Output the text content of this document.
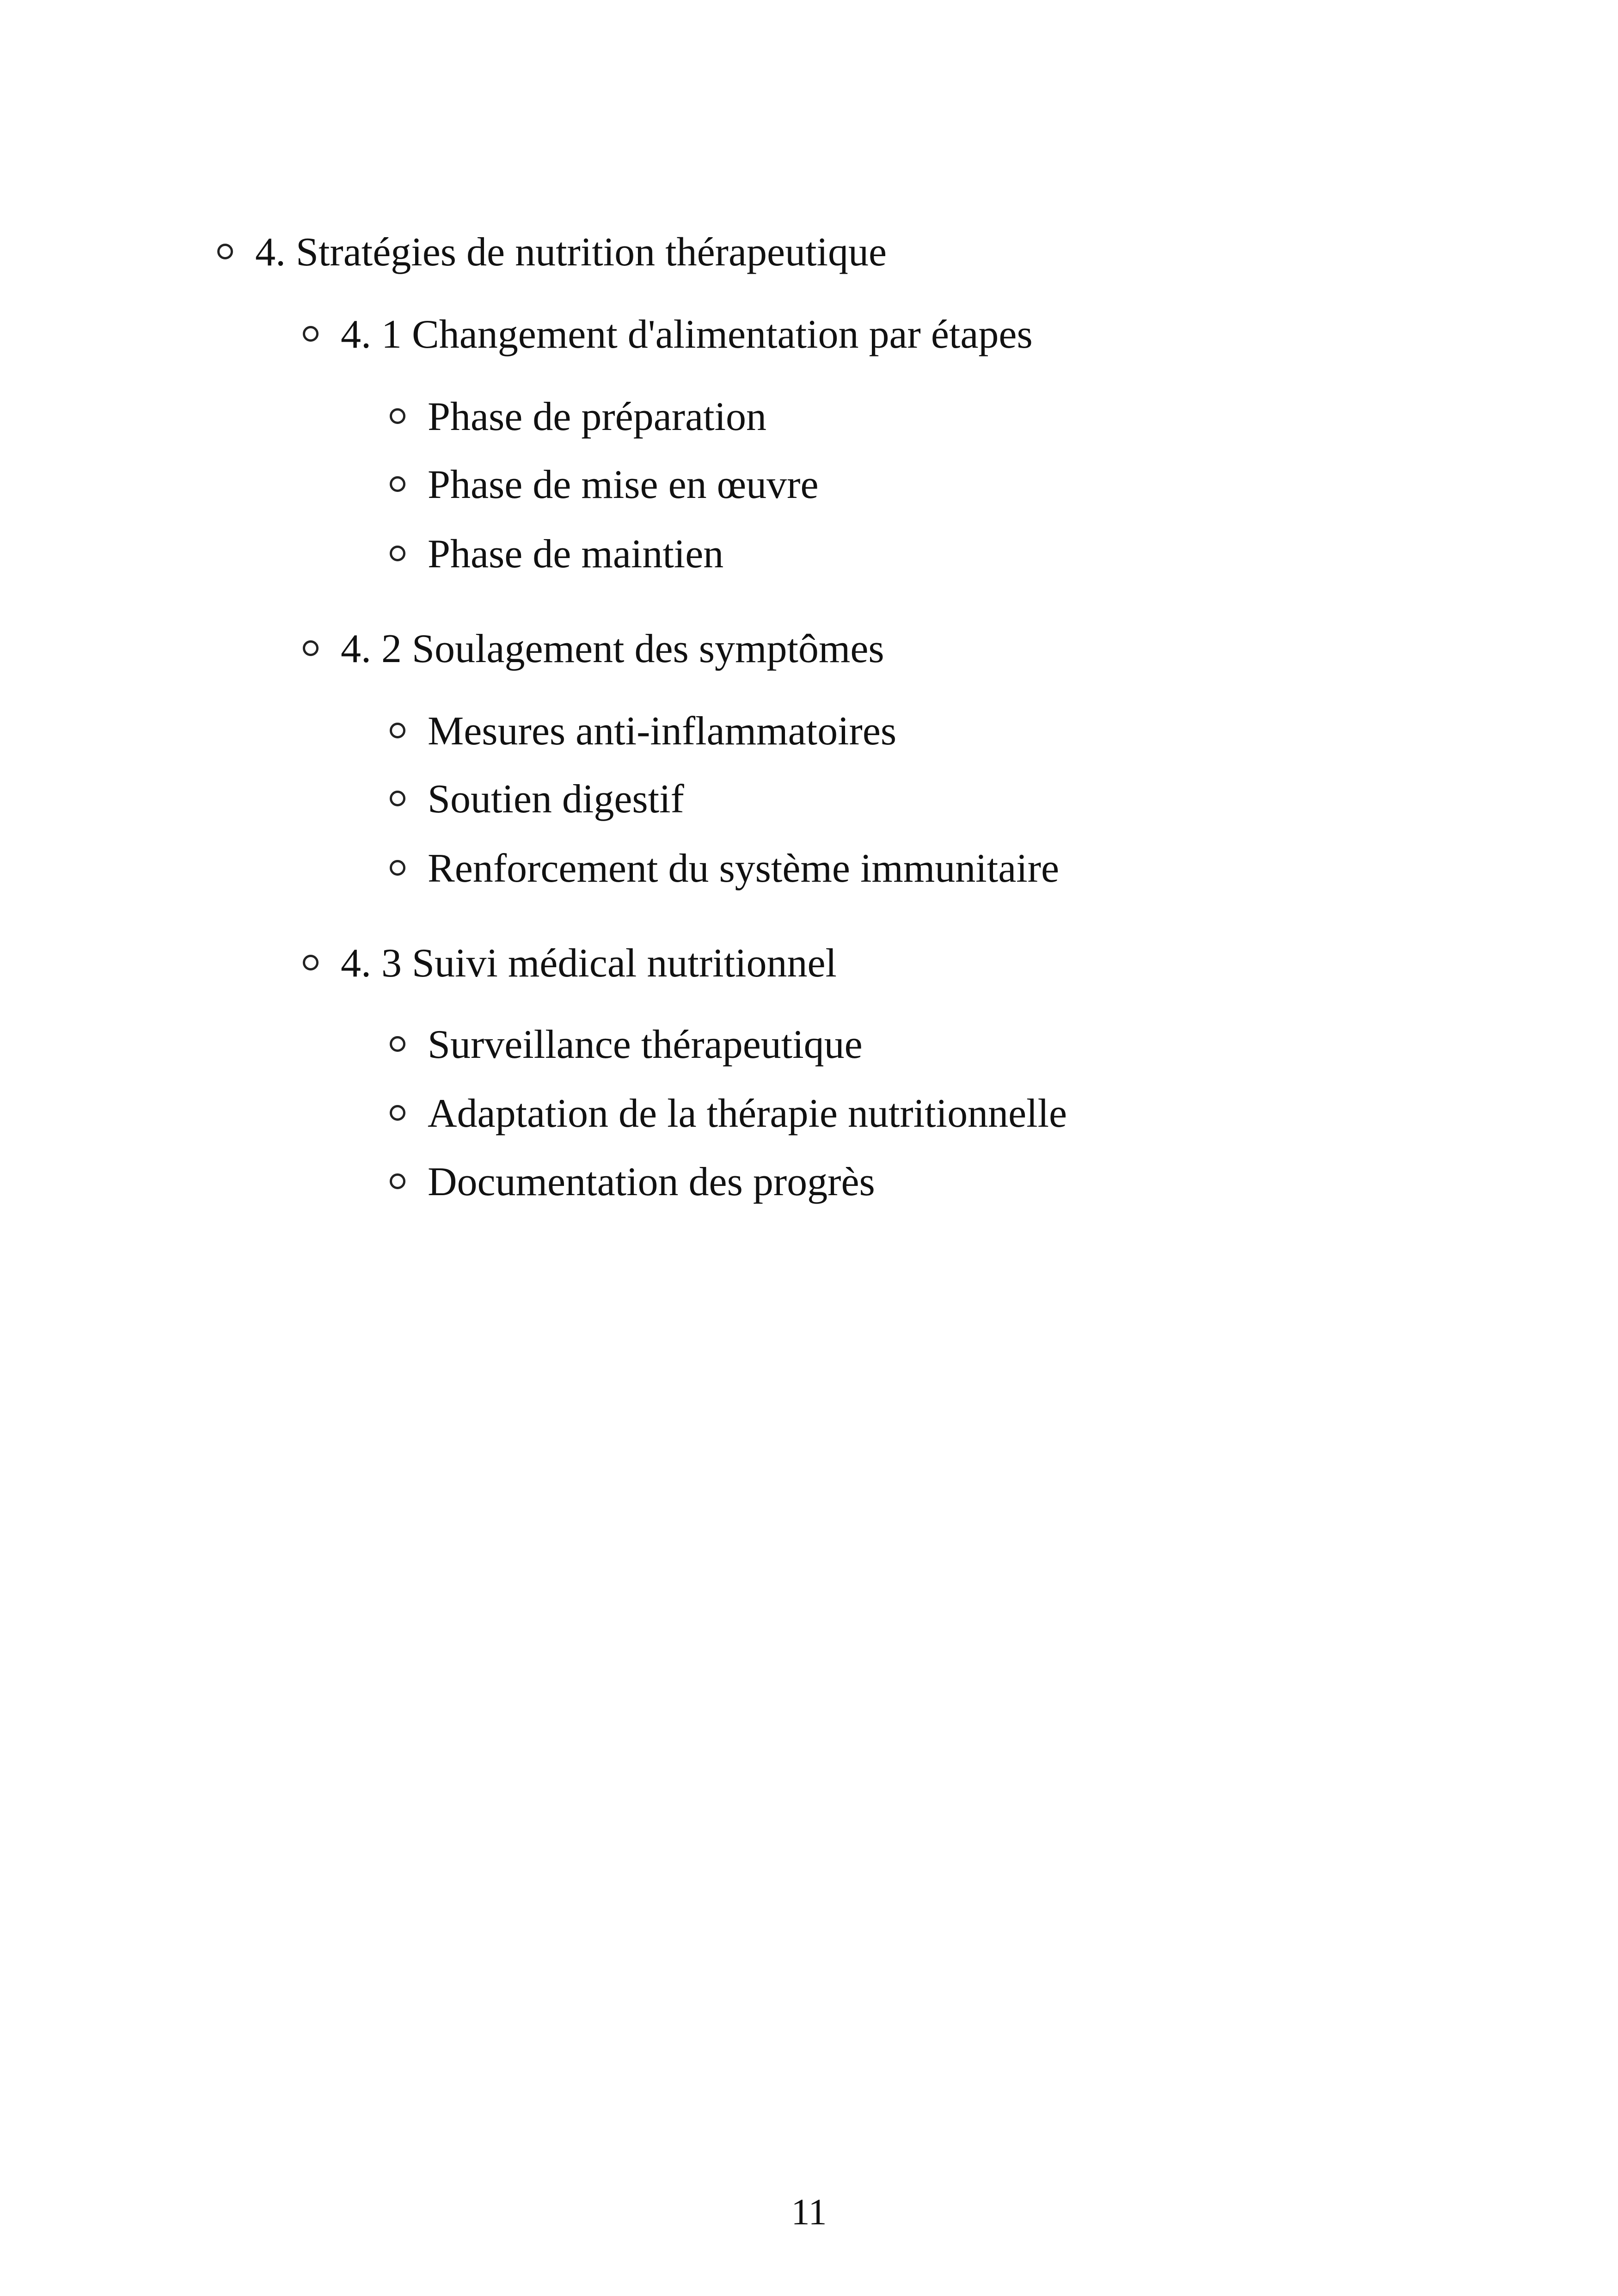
4. Stratégies de nutrition thérapeutique
4. 1 Changement d'alimentation par étapes
Phase de préparation
Phase de mise en œuvre
Phase de maintien
4. 2 Soulagement des symptômes
Mesures anti-inflammatoires
Soutien digestif
Renforcement du système immunitaire
4. 3 Suivi médical nutritionnel
Surveillance thérapeutique
Adaptation de la thérapie nutritionnelle
Documentation des progrès
11
